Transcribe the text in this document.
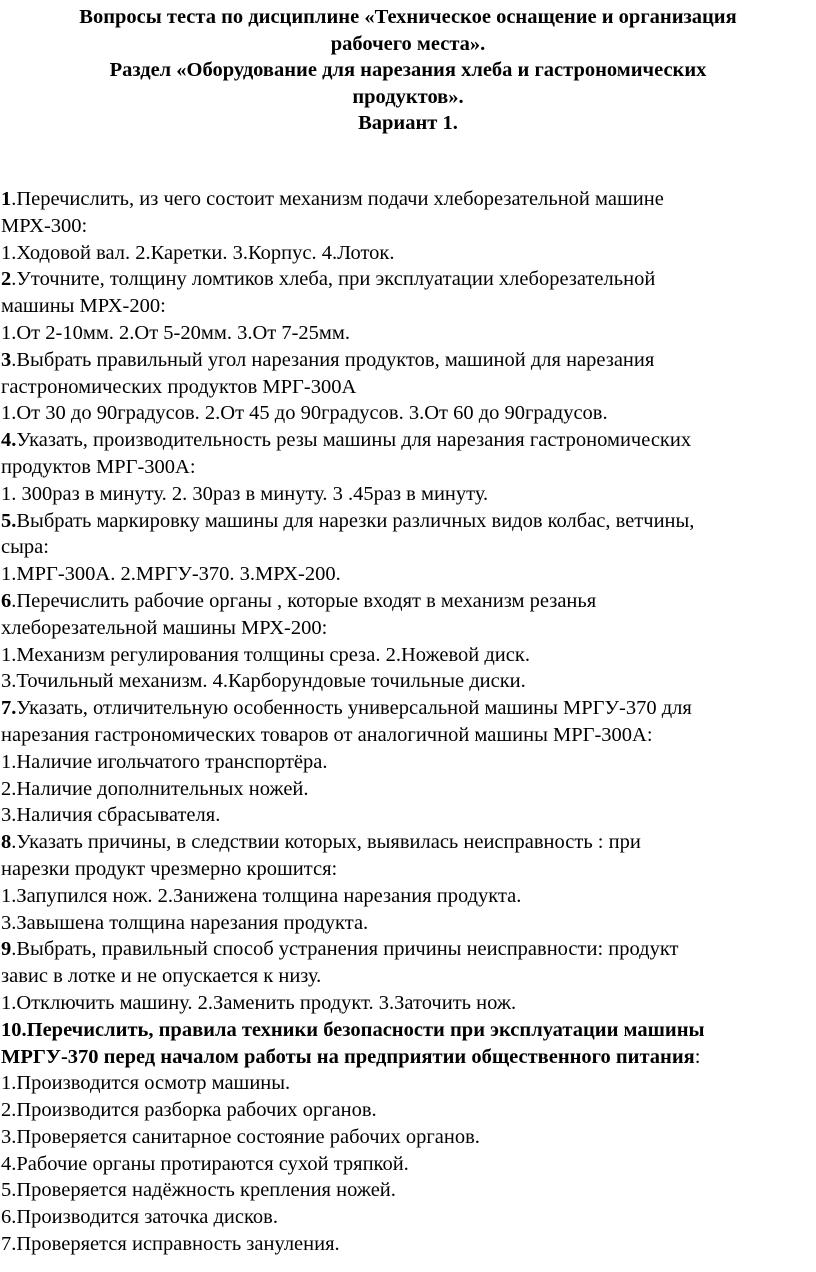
Вопросы теста по дисциплине «Техническое оснащение и организация
рабочего места».
Раздел «Оборудование для нарезания хлеба и гастрономических
продуктов».
Вариант 1.
1.Перечислить, из чего состоит механизм подачи хлеборезательной машине
МРХ-300:
1.Ходовой вал. 2.Каретки. 3.Корпус. 4.Лоток.
2.Уточните, толщину ломтиков хлеба, при эксплуатации хлеборезательной
машины МРХ-200:
1.От 2-10мм. 2.От 5-20мм. 3.От 7-25мм.
3.Выбрать правильный угол нарезания продуктов, машиной для нарезания
гастрономических продуктов МРГ-300А
1.От 30 до 90градусов. 2.От 45 до 90градусов. 3.От 60 до 90градусов.
4.Указать, производительность резы машины для нарезания гастрономических
продуктов МРГ-300А:
1. 300раз в минуту. 2. 30раз в минуту. 3 .45раз в минуту.
5.Выбрать маркировку машины для нарезки различных видов колбас, ветчины,
сыра:
1.МРГ-300А. 2.МРГУ-370. 3.МРХ-200.
6.Перечислить рабочие органы , которые входят в механизм резанья
хлеборезательной машины МРХ-200:
1.Механизм регулирования толщины среза. 2.Ножевой диск.
3.Точильный механизм. 4.Карборундовые точильные диски.
7.Указать, отличительную особенность универсальной машины МРГУ-370 для
нарезания гастрономических товаров от аналогичной машины МРГ-300А:
1.Наличие игольчатого транспортёра.
2.Наличие дополнительных ножей.
3.Наличия сбрасывателя.
8.Указать причины, в следствии которых, выявилась неисправность : при
нарезки продукт чрезмерно крошится:
1.Запупился нож. 2.Занижена толщина нарезания продукта.
3.Завышена толщина нарезания продукта.
9.Выбрать, правильный способ устранения причины неисправности: продукт
завис в лотке и не опускается к низу.
1.Отключить машину. 2.Заменить продукт. 3.Заточить нож.
10.Перечислить, правила техники безопасности при эксплуатации машины
МРГУ-370 перед началом работы на предприятии общественного питания:
1.Производится осмотр машины.
2.Производится разборка рабочих органов.
3.Проверяется санитарное состояние рабочих органов.
4.Рабочие органы протираются сухой тряпкой.
5.Проверяется надёжность крепления ножей.
6.Производится заточка дисков.
7.Проверяется исправность зануления.
